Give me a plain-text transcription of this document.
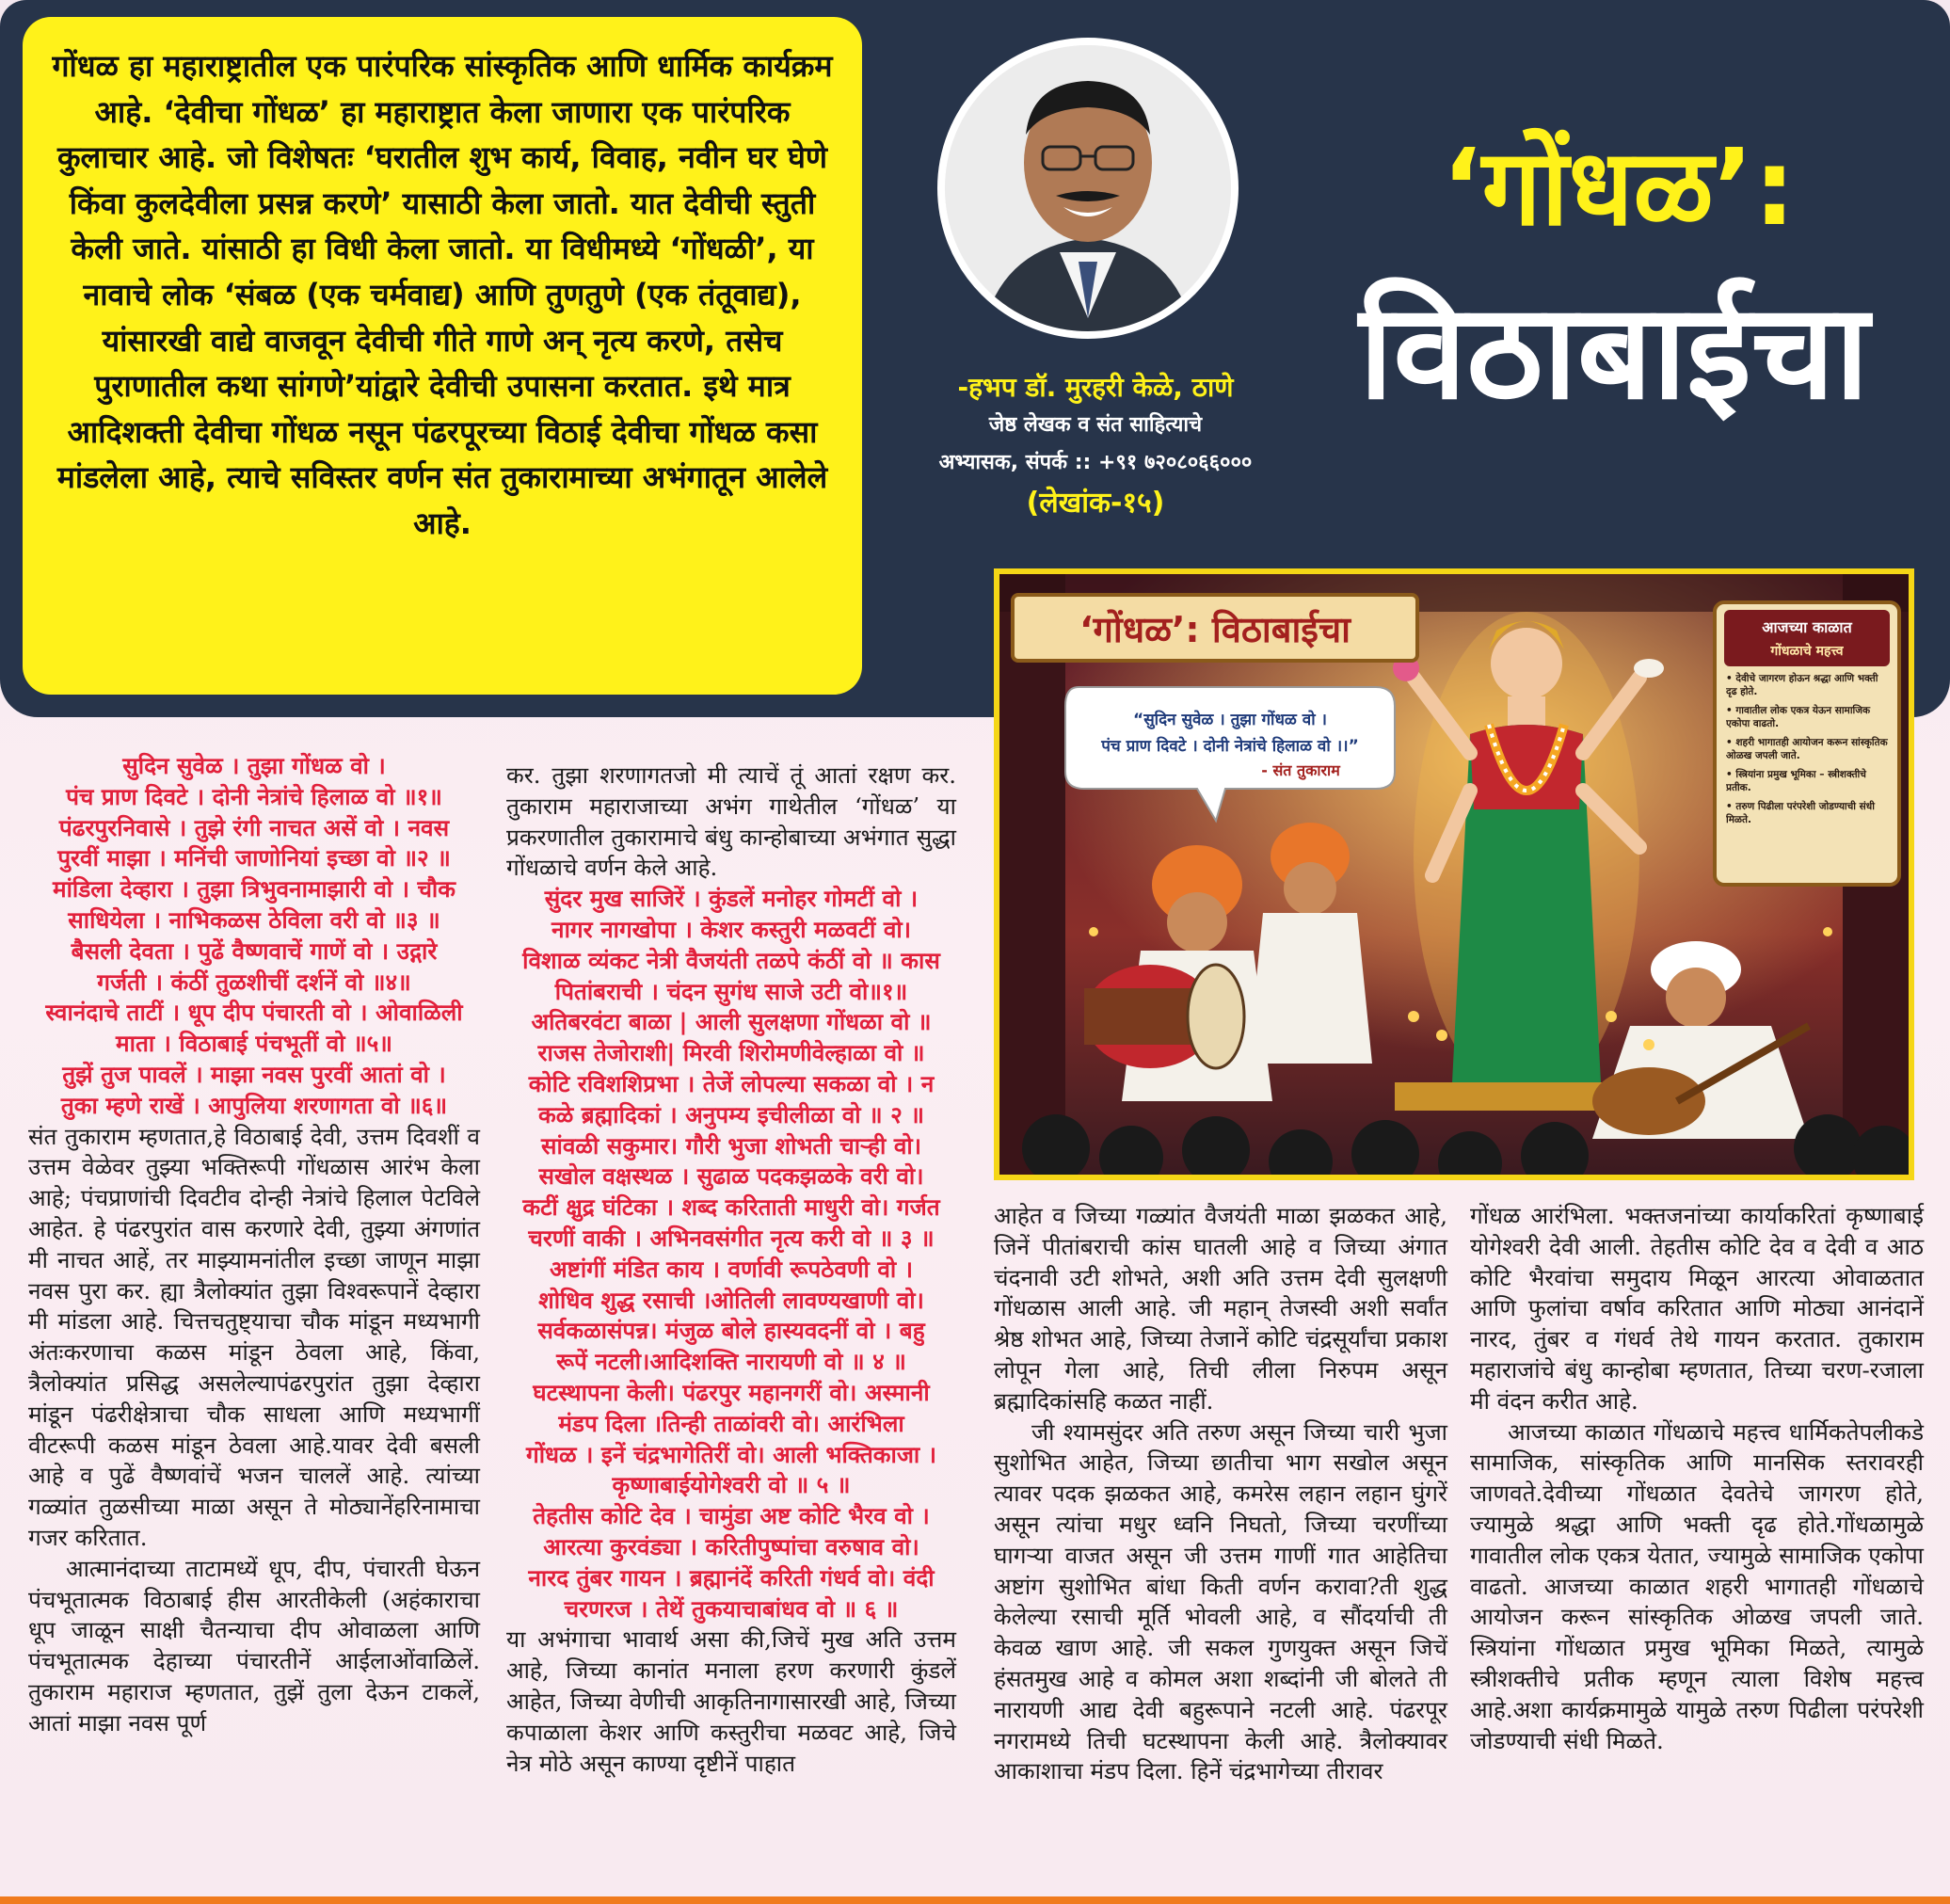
गोंधळ हा महाराष्ट्रातील एक पारंपरिक सांस्कृतिक आणि धार्मिक कार्यक्रम आहे. ‘देवीचा गोंधळ’ हा महाराष्ट्रात केला जाणारा एक पारंपरिक कुलाचार आहे. जो विशेषतः ‘घरातील शुभ कार्य, विवाह, नवीन घर घेणे किंवा कुलदेवीला प्रसन्न करणे’ यासाठी केला जातो. यात देवीची स्तुती केली जाते. यांसाठी हा विधी केला जातो. या विधीमध्ये ‘गोंधळी’, या नावाचे लोक ‘संबळ (एक चर्मवाद्य) आणि तुणतुणे (एक तंतूवाद्य), यांसारखी वाद्ये वाजवून देवीची गीते गाणे अन् नृत्य करणे, तसेच पुराणातील कथा सांगणे’यांद्वारे देवीची उपासना करतात. इथे मात्र आदिशक्ती देवीचा गोंधळ नसून पंढरपूरच्या विठाई देवीचा गोंधळ कसा मांडलेला आहे, त्याचे सविस्तर वर्णन संत तुकारामाच्या अभंगातून आलेले आहे.

-हभप डॉ. मुरहरी केळे, ठाणे
जेष्ठ लेखक व संत साहित्याचे
अभ्यासक, संपर्क :: +९१ ७२०८०६६०००
(लेखांक-१५)
‘गोंधळ’:
विठाबाईचा
‘गोंधळ’: विठाबाईचा
“सुदिन सुवेळ । तुझा गोंधळ वो ।
पंच प्राण दिवटे । दोनी नेत्रांचे हिलाळ वो ।।”
- संत तुकाराम
आजच्या काळात
गोंधळाचे महत्त्व
• देवीचे जागरण होऊन श्रद्धा आणि भक्ती दृढ होते.
• गावातील लोक एकत्र येऊन सामाजिक एकोपा वाढतो.
• शहरी भागातही आयोजन करून सांस्कृतिक ओळख जपली जाते.
• स्त्रियांना प्रमुख भूमिका – स्त्रीशक्तीचे प्रतीक.
• तरुण पिढीला परंपरेशी जोडण्याची संधी मिळते.
सुदिन सुवेळ । तुझा गोंधळ वो ।
पंच प्राण दिवटे । दोनी नेत्रांचे हिलाळ वो ॥१॥
पंढरपुरनिवासे । तुझे रंगी नाचत असें वो । नवस
पुरवीं माझा । मनिंची जाणोनियां इच्छा वो ॥२ ॥
मांडिला देव्हारा । तुझा त्रिभुवनामाझारी वो । चौक
साधियेला । नाभिकळस ठेविला वरी वो ॥३ ॥
बैसली देवता । पुढें वैष्णवाचें गाणें वो । उद्गारे
गर्जती । कंठीं तुळशीचीं दर्शनें वो ॥४॥
स्वानंदाचे ताटीं । धूप दीप पंचारती वो । ओवाळिली
माता । विठाबाई पंचभूतीं वो ॥५॥
तुझें तुज पावलें । माझा नवस पुरवीं आतां वो ।
तुका म्हणे राखें । आपुलिया शरणागता वो ॥६॥

संत तुकाराम म्हणतात,हे विठाबाई देवी, उत्तम दिवशीं व उत्तम वेळेवर तुझ्या भक्तिरूपी गोंधळास आरंभ केला आहे; पंचप्राणांची दिवटीव दोन्ही नेत्रांचे हिलाल पेटविले आहेत. हे पंढरपुरांत वास करणारे देवी, तुझ्या अंगणांत मी नाचत आहें, तर माझ्यामनांतील इच्छा जाणून माझा नवस पुरा कर. ह्या त्रैलोक्यांत तुझा विश्वरूपानें देव्हारा मी मांडला आहे. चित्तचतुष्ट्याचा चौक मांडून मध्यभागी अंतःकरणाचा कळस मांडून ठेवला आहे, किंवा, त्रैलोक्यांत प्रसिद्ध असलेल्यापंढरपुरांत तुझा देव्हारा मांडून पंढरीक्षेत्राचा चौक साधला आणि मध्यभागीं वीटरूपी कळस मांडून ठेवला आहे.यावर देवी बसली आहे व पुढें वैष्णवांचें भजन चाललें आहे. त्यांच्या गळ्यांत तुळसीच्या माळा असून ते मोठ्यानेंहरिनामाचा गजर करितात.

आत्मानंदाच्या ताटामध्यें धूप, दीप, पंचारती घेऊन पंचभूतात्मक विठाबाई हीस आरतीकेली (अहंकाराचा धूप जाळून साक्षी चैतन्याचा दीप ओवाळला आणि पंचभूतात्मक देहाच्या पंचारतीनें आईलाओंवाळिलें. तुकाराम महाराज म्हणतात, तुझें तुला देऊन टाकलें, आतां माझा नवस पूर्ण

कर. तुझा शरणागतजो मी त्याचें तूं आतां रक्षण कर. तुकाराम महाराजाच्या अभंग गाथेतील ‘गोंधळ’ या प्रकरणातील तुकारामाचे बंधु कान्होबाच्या अभंगात सुद्धा गोंधळाचे वर्णन केले आहे.

सुंदर मुख साजिरें । कुंडलें मनोहर गोमटीं वो ।
नागर नागखोपा । केशर कस्तुरी मळवटीं वो।
विशाळ व्यंकट नेत्री वैजयंती तळपे कंठीं वो ॥ कास
पितांबराची । चंदन सुगंध साजे उटी वो॥१॥
अतिबरवंटा बाळा | आली सुलक्षणा गोंधळा वो ॥
राजस तेजोराशी| मिरवी शिरोमणीवेल्हाळा वो ॥
कोटि रविशशिप्रभा । तेजें लोपल्या सकळा वो । न
कळे ब्रह्मादिकां । अनुपम्य इचीलीळा वो ॥ २ ॥
सांवळी सकुमार। गौरी भुजा शोभती चाऱ्ही वो।
सखोल वक्षस्थळ । सुढाळ पदकझळके वरी वो।
कटीं क्षुद्र घंटिका । शब्द करिताती माधुरी वो। गर्जत
चरणीं वाकी । अभिनवसंगीत नृत्य करी वो ॥ ३ ॥
अष्टांगीं मंडित काय । वर्णावी रूपठेवणी वो ।
शोधिव शुद्ध रसाची ।ओतिली लावण्यखाणी वो।
सर्वकळासंपन्न। मंजुळ बोले हास्यवदनीं वो । बहु
रूपें नटली।आदिशक्ति नारायणी वो ॥ ४ ॥
घटस्थापना केली। पंढरपुर महानगरीं वो। अस्मानी
मंडप दिला ।तिन्ही ताळांवरी वो। आरंभिला
गोंधळ । इनें चंद्रभागेतिरीं वो। आली भक्तिकाजा ।
कृष्णाबाईयोगेश्वरी वो ॥ ५ ॥
तेहतीस कोटि देव । चामुंडा अष्ट कोटि भैरव वो ।
आरत्या कुरवंड्या । करितीपुष्पांचा वरुषाव वो।
नारद तुंबर गायन । ब्रह्मानंदें करिती गंधर्व वो। वंदी
चरणरज । तेथें तुकयाचाबांधव वो ॥ ६ ॥

या अभंगाचा भावार्थ असा की,जिचें मुख अति उत्तम आहे, जिच्या कानांत मनाला हरण करणारी कुंडलें आहेत, जिच्या वेणीची आकृतिनागासारखी आहे, जिच्या कपाळाला केशर आणि कस्तुरीचा मळवट आहे, जिचे नेत्र मोठे असून काण्या दृष्टीनें पाहात

आहेत व जिच्या गळ्यांत वैजयंती माळा झळकत आहे, जिनें पीतांबराची कांस घातली आहे व जिच्या अंगात चंदनावी उटी शोभते, अशी अति उत्तम देवी सुलक्षणी गोंधळास आली आहे. जी महान् तेजस्वी अशी सर्वांत श्रेष्ठ शोभत आहे, जिच्या तेजानें कोटि चंद्रसूर्यांचा प्रकाश लोपून गेला आहे, तिची लीला निरुपम असून ब्रह्मादिकांसहि कळत नाहीं.

जी श्यामसुंदर अति तरुण असून जिच्या चारी भुजा सुशोभित आहेत, जिच्या छातीचा भाग सखोल असून त्यावर पदक झळकत आहे, कमरेस लहान लहान घुंगरें असून त्यांचा मधुर ध्वनि निघतो, जिच्या चरणींच्या घागऱ्या वाजत असून जी उत्तम गाणीं गात आहेतिचा अष्टांग सुशोभित बांधा किती वर्णन करावा?ती शुद्ध केलेल्या रसाची मूर्ति भोवली आहे, व सौंदर्याची ती केवळ खाण आहे. जी सकल गुणयुक्त असून जिचें हंसतमुख आहे व कोमल अशा शब्दांनी जी बोलते ती नारायणी आद्य देवी बहुरूपाने नटली आहे. पंढरपूर नगरामध्ये तिची घटस्थापना केली आहे. त्रैलोक्यावर आकाशाचा मंडप दिला. हिनें चंद्रभागेच्या तीरावर

गोंधळ आरंभिला. भक्तजनांच्या कार्याकरितां कृष्णाबाई योगेश्वरी देवी आली. तेहतीस कोटि देव व देवी व आठ कोटि भैरवांचा समुदाय मिळून आरत्या ओवाळतात आणि फुलांचा वर्षाव करितात आणि मोठ्या आनंदानें नारद, तुंबर व गंधर्व तेथे गायन करतात. तुकाराम महाराजांचे बंधु कान्होबा म्हणतात, तिच्या चरण-रजाला मी वंदन करीत आहे.

आजच्या काळात गोंधळाचे महत्त्व धार्मिकतेपलीकडे सामाजिक, सांस्कृतिक आणि मानसिक स्तरावरही जाणवते.देवीच्या गोंधळात देवतेचे जागरण होते, ज्यामुळे श्रद्धा आणि भक्ती दृढ होते.गोंधळामुळे गावातील लोक एकत्र येतात, ज्यामुळे सामाजिक एकोपा वाढतो. आजच्या काळात शहरी भागातही गोंधळाचे आयोजन करून सांस्कृतिक ओळख जपली जाते. स्त्रियांना गोंधळात प्रमुख भूमिका मिळते, त्यामुळे स्त्रीशक्तीचे प्रतीक म्हणून त्याला विशेष महत्त्व आहे.अशा कार्यक्रमामुळे यामुळे तरुण पिढीला परंपरेशी जोडण्याची संधी मिळते.
